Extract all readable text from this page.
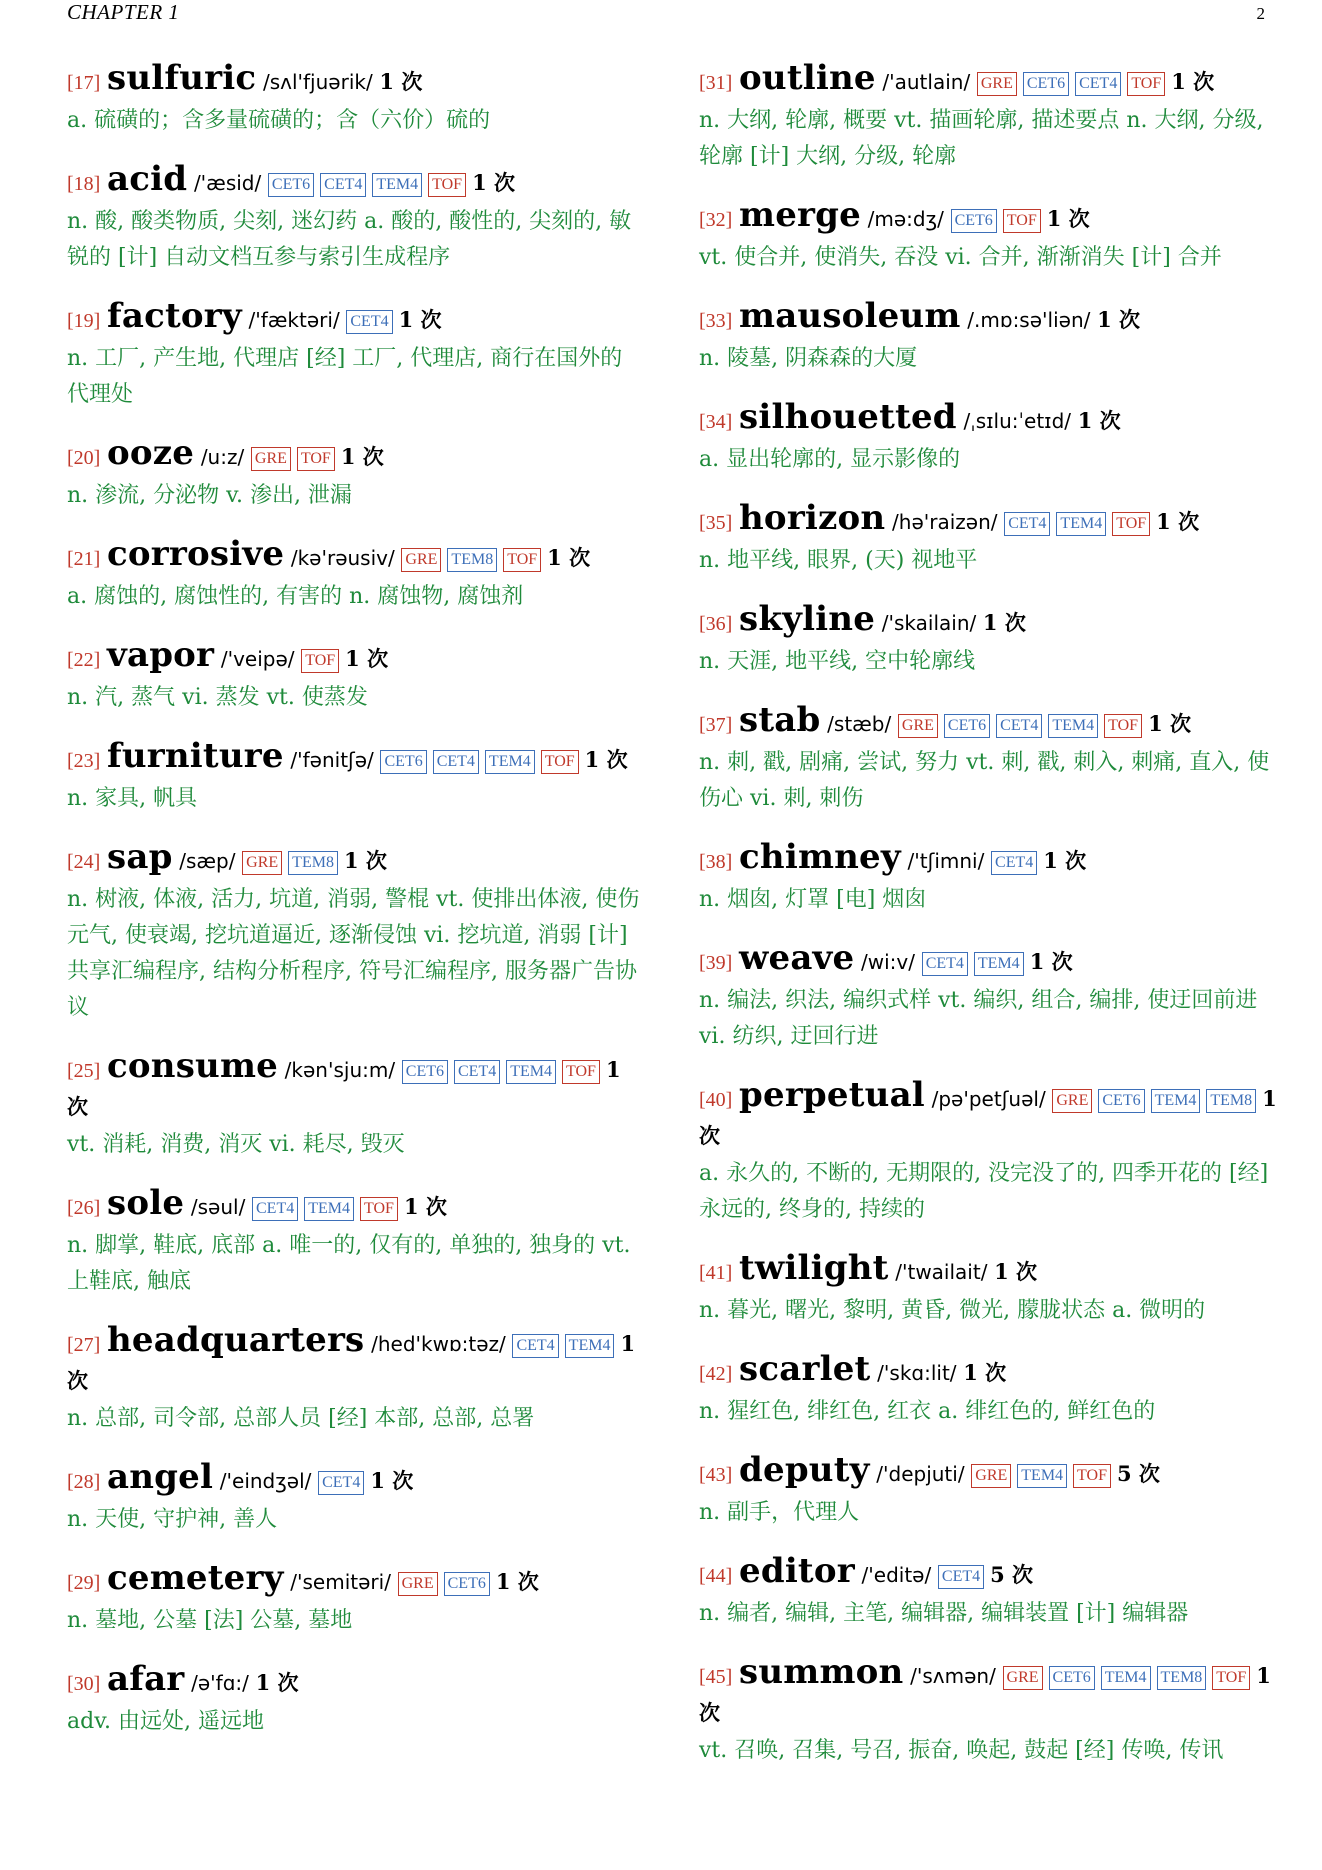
CHAPTER 1	2
[17] sulfuric /sʌl'fjuərik/ 1 次
a. 硫磺的；含多量硫磺的；含（六价）硫的
[18] acid /'æsid/ CET6 CET4 TEM4 TOF 1 次
n. 酸, 酸类物质, 尖刻, 迷幻药 a. 酸的, 酸性的, 尖刻的, 敏锐的 [计] 自动文档互参与索引生成程序
[19] factory /'fæktəri/ CET4 1 次
n. 工厂, 产生地, 代理店 [经] 工厂, 代理店, 商行在国外的代理处
[20] ooze /u:z/ GRE TOF 1 次
n. 渗流, 分泌物 v. 渗出, 泄漏
[21] corrosive /kə'rəusiv/ GRE TEM8 TOF 1 次
a. 腐蚀的, 腐蚀性的, 有害的 n. 腐蚀物, 腐蚀剂
[22] vapor /'veipə/ TOF 1 次
n. 汽, 蒸气 vi. 蒸发 vt. 使蒸发
[23] furniture /'fənitʃə/ CET6 CET4 TEM4 TOF 1 次
n. 家具, 帆具
[24] sap /sæp/ GRE TEM8 1 次
n. 树液, 体液, 活力, 坑道, 消弱, 警棍 vt. 使排出体液, 使伤元气, 使衰竭, 挖坑道逼近, 逐渐侵蚀 vi. 挖坑道, 消弱 [计] 共享汇编程序, 结构分析程序, 符号汇编程序, 服务器广告协议
[25] consume /kən'sju:m/ CET6 CET4 TEM4 TOF 1 次
vt. 消耗, 消费, 消灭 vi. 耗尽, 毁灭
[26] sole /səul/ CET4 TEM4 TOF 1 次
n. 脚掌, 鞋底, 底部 a. 唯一的, 仅有的, 单独的, 独身的 vt. 上鞋底, 触底
[27] headquarters /hed'kwɒ:təz/ CET4 TEM4 1 次
n. 总部, 司令部, 总部人员 [经] 本部, 总部, 总署
[28] angel /'eindʒəl/ CET4 1 次
n. 天使, 守护神, 善人
[29] cemetery /'semitəri/ GRE CET6 1 次
n. 墓地, 公墓 [法] 公墓, 墓地
[30] afar /ə'fɑ:/ 1 次
adv. 由远处, 遥远地
[31] outline /'autlain/ GRE CET6 CET4 TOF 1 次
n. 大纲, 轮廓, 概要 vt. 描画轮廓, 描述要点 n. 大纲, 分级, 轮廓 [计] 大纲, 分级, 轮廓
[32] merge /mə:dʒ/ CET6 TOF 1 次
vt. 使合并, 使消失, 吞没 vi. 合并, 渐渐消失 [计] 合并
[33] mausoleum /.mɒ:sə'liən/ 1 次
n. 陵墓, 阴森森的大厦
[34] silhouetted /ˌsɪlu:ˈetɪd/ 1 次
a. 显出轮廓的, 显示影像的
[35] horizon /hə'raizən/ CET4 TEM4 TOF 1 次
n. 地平线, 眼界, (天) 视地平
[36] skyline /'skailain/ 1 次
n. 天涯, 地平线, 空中轮廓线
[37] stab /stæb/ GRE CET6 CET4 TEM4 TOF 1 次
n. 刺, 戳, 剧痛, 尝试, 努力 vt. 刺, 戳, 刺入, 刺痛, 直入, 使伤心 vi. 刺, 刺伤
[38] chimney /'tʃimni/ CET4 1 次
n. 烟囱, 灯罩 [电] 烟囱
[39] weave /wi:v/ CET4 TEM4 1 次
n. 编法, 织法, 编织式样 vt. 编织, 组合, 编排, 使迂回前进 vi. 纺织, 迂回行进
[40] perpetual /pə'petʃuəl/ GRE CET6 TEM4 TEM8 1 次
a. 永久的, 不断的, 无期限的, 没完没了的, 四季开花的 [经] 永远的, 终身的, 持续的
[41] twilight /'twailait/ 1 次
n. 暮光, 曙光, 黎明, 黄昏, 微光, 朦胧状态 a. 微明的
[42] scarlet /'skɑ:lit/ 1 次
n. 猩红色, 绯红色, 红衣 a. 绯红色的, 鲜红色的
[43] deputy /'depjuti/ GRE TEM4 TOF 5 次
n. 副手，代理人
[44] editor /'editə/ CET4 5 次
n. 编者, 编辑, 主笔, 编辑器, 编辑装置 [计] 编辑器
[45] summon /'sʌmən/ GRE CET6 TEM4 TEM8 TOF 1 次
vt. 召唤, 召集, 号召, 振奋, 唤起, 鼓起 [经] 传唤, 传讯
